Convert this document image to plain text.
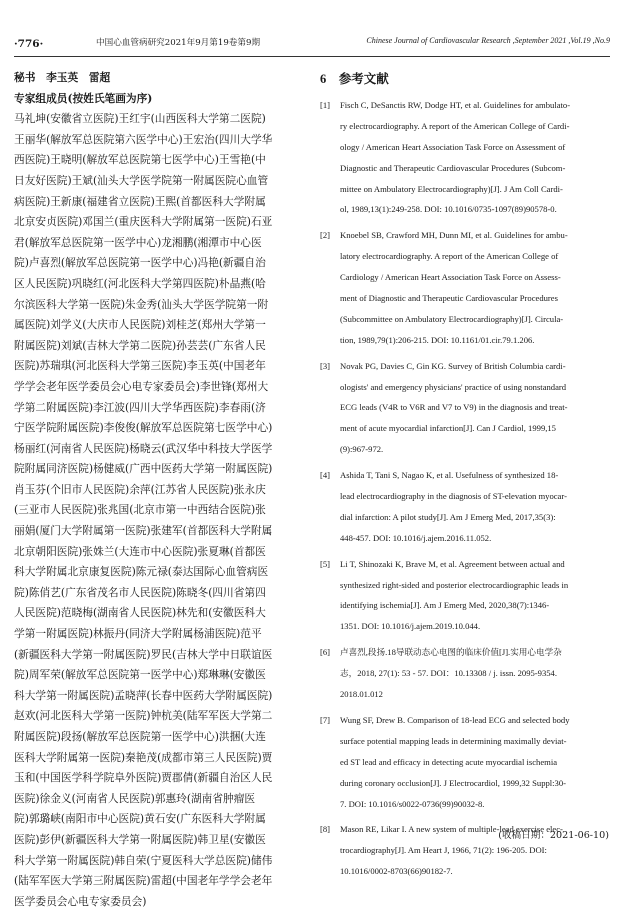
·776·	中国心血管病研究2021年9月第19卷第9期	Chinese Journal of Cardiovascular Research ,September 2021 ,Vol.19 ,No.9
秘书　李玉英　雷超
专家组成员(按姓氏笔画为序)
马礼坤(安徽省立医院)王红宇(山西医科大学第二医院)
王丽华(解放军总医院第六医学中心)王宏治(四川大学华
西医院)王晓明(解放军总医院第七医学中心)王雪艳(中
日友好医院)王斌(汕头大学医学院第一附属医院心血管
病医院)王新康(福建省立医院)王熙(首都医科大学附属
北京安贞医院)邓国兰(重庆医科大学附属第一医院)石亚
君(解放军总医院第一医学中心)龙湘鹏(湘潭市中心医
院)卢喜烈(解放军总医院第一医学中心)冯艳(新疆自治
区人民医院)巩晓红(河北医科大学第四医院)朴晶燕(哈
尔滨医科大学第一医院)朱金秀(汕头大学医学院第一附
属医院)刘学义(大庆市人民医院)刘桂芝(郑州大学第一
附属医院)刘斌(吉林大学第二医院)孙芸芸(广东省人民
医院)苏瑞琪(河北医科大学第三医院)李玉英(中国老年
学学会老年医学委员会心电专家委员会)李世锋(郑州大
学第二附属医院)李江波(四川大学华西医院)李春雨(济
宁医学院附属医院)李俊俊(解放军总医院第七医学中心)
杨丽红(河南省人民医院)杨晓云(武汉华中科技大学医学
院附属同济医院)杨健威(广西中医药大学第一附属医院)
肖玉芬(个旧市人民医院)余萍(江苏省人民医院)张永庆
(三亚市人民医院)张兆国(北京市第一中西结合医院)张
丽娟(厦门大学附属第一医院)张建军(首都医科大学附属
北京朝阳医院)张姝兰(大连市中心医院)张夏琳(首都医
科大学附属北京康复医院)陈元禄(泰达国际心血管病医
院)陈俏艺(广东省茂名市人民医院)陈晓冬(四川省第四
人民医院)范晓梅(湖南省人民医院)林先和(安徽医科大
学第一附属医院)林振丹(同济大学附属杨浦医院)范平
(新疆医科大学第一附属医院)罗民(吉林大学中日联谊医
院)周军荣(解放军总医院第一医学中心)郑琳琳(安徽医
科大学第一附属医院)孟晓萍(长春中医药大学附属医院)
赵欢(河北医科大学第一医院)钟杭美(陆军军医大学第二
附属医院)段扬(解放军总医院第一医学中心)洪捆(大连
医科大学附属第一医院)秦艳茂(成都市第三人民医院)贾
玉和(中国医学科学院阜外医院)贾郡倩(新疆自治区人民
医院)徐金义(河南省人民医院)郭惠玲(湖南省肿瘤医
院)郭璐峡(南阳市中心医院)黄石安(广东医科大学附属
医院)彭伊(新疆医科大学第一附属医院)韩卫星(安徽医
科大学第一附属医院)韩自荣(宁夏医科大学总医院)储伟
(陆军军医大学第三附属医院)雷超(中国老年学学会老年
医学委员会心电专家委员会)
6　参考文献
[1] Fisch C, DeSanctis RW, Dodge HT, et al. Guidelines for ambulato-
ry electrocardiography. A report of the American College of Cardi-
ology / American Heart Association Task Force on Assessment of
Diagnostic and Therapeutic Cardiovascular Procedures (Subcom-
mittee on Ambulatory Electrocardiography)[J]. J Am Coll Cardi-
ol, 1989,13(1):249-258. DOI: 10.1016/0735-1097(89)90578-0.
[2] Knoebel SB, Crawford MH, Dunn MI, et al. Guidelines for ambu-
latory electrocardiography. A report of the American College of
Cardiology / American Heart Association Task Force on Assess-
ment of Diagnostic and Therapeutic Cardiovascular Procedures
(Subcommittee on Ambulatory Electrocardiography)[J]. Circula-
tion, 1989,79(1):206-215. DOI: 10.1161/01.cir.79.1.206.
[3] Novak PG, Davies C, Gin KG. Survey of British Columbia cardi-
ologists' and emergency physicians' practice of using nonstandard
ECG leads (V4R to V6R and V7 to V9) in the diagnosis and treat-
ment of acute myocardial infarction[J]. Can J Cardiol, 1999,15
(9):967-972.
[4] Ashida T, Tani S, Nagao K, et al. Usefulness of synthesized 18-
lead electrocardiography in the diagnosis of ST-elevation myocar-
dial infarction: A pilot study[J]. Am J Emerg Med, 2017,35(3):
448-457. DOI: 10.1016/j.ajem.2016.11.052.
[5] Li T, Shinozaki K, Brave M, et al. Agreement between actual and
synthesized right-sided and posterior electrocardiographic leads in
identifying ischemia[J]. Am J Emerg Med, 2020,38(7):1346-
1351. DOI: 10.1016/j.ajem.2019.10.044.
[6] 卢喜烈,段扬.18导联动态心电图的临床价值[J].实用心电学杂
志，2018, 27(1): 53 - 57. DOI：10.13308 / j. issn. 2095-9354.
2018.01.012
[7] Wung SF, Drew B. Comparison of 18-lead ECG and selected body
surface potential mapping leads in determining maximally deviat-
ed ST lead and efficacy in detecting acute myocardial ischemia
during coronary occlusion[J]. J Electrocardiol, 1999,32 Suppl:30-
7. DOI: 10.1016/s0022-0736(99)90032-8.
[8] Mason RE, Likar I. A new system of multiple-lead exercise elec-
trocardiography[J]. Am Heart J, 1966, 71(2): 196-205. DOI:
10.1016/0002-8703(66)90182-7.
(收稿日期：2021-06-10)
